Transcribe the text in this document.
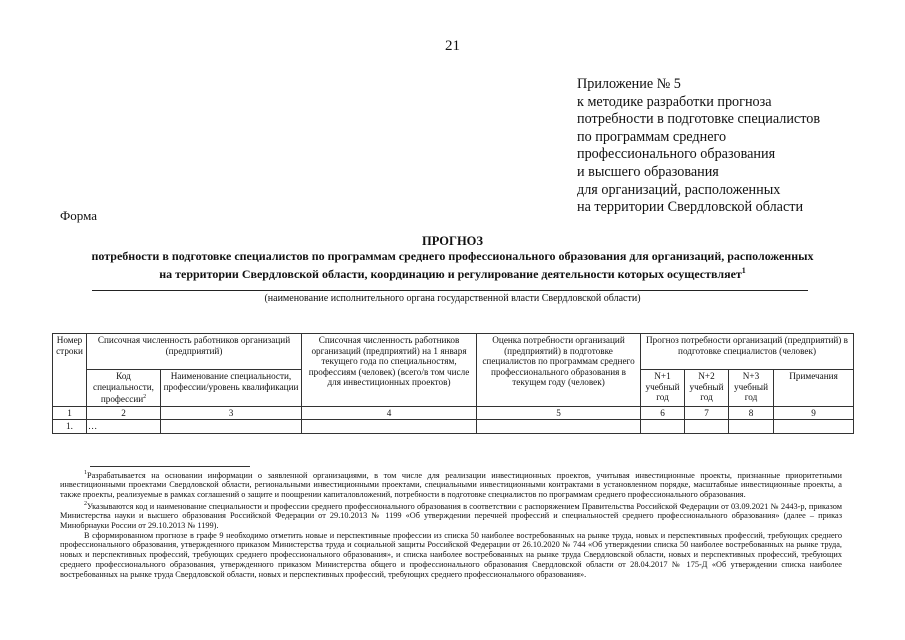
21
Приложение № 5
к методике разработки прогноза
потребности в подготовке специалистов
по программам среднего
профессионального образования
и высшего образования
для организаций, расположенных
на территории Свердловской области
Форма
ПРОГНОЗ
потребности в подготовке специалистов по программам среднего профессионального образования для организаций, расположенных
на территории Свердловской области, координацию и регулирование деятельности которых осуществляет$^1$
(наименование исполнительного органа государственной власти Свердловской области)
Номер строки	Списочная численность работников организаций (предприятий)		Списочная численность работников организаций (предприятий) на 1 января текущего года по специальностям, профессиям (человек) (всего/в том числе для инвестиционных проектов)	Оценка потребности организаций (предприятий) в подготовке специалистов по программам среднего профессионального образования в текущем году (человек)	Прогноз потребности организаций (предприятий) в подготовке специалистов (человек)			
	Код специальности, профессии$^2$	Наименование специальности, профессии/уровень квалификации			N+1 учебный год	N+2 учебный год	N+3 учебный год	Примечания
1	2	3	4	5	6	7	8	9
1.	…							

$^1$Разрабатывается на основании информации о заявленной организациями, в том числе для реализации инвестиционных проектов, учитывая инвестиционные проекты, признанные приоритетными инвестиционными проектами Свердловской области, региональными инвестиционными проектами, специальными инвестиционными контрактами в установленном порядке, масштабные инвестиционные проекты, а также проекты, реализуемые в рамках соглашений о защите и поощрении капиталовложений, потребности в подготовке специалистов по программам среднего профессионального образования.

$^2$Указываются код и наименование специальности и профессии среднего профессионального образования в соответствии с распоряжением Правительства Российской Федерации от 03.09.2021 № 2443-р, приказом Министерства науки и высшего образования Российской Федерации от 29.10.2013 № 1199 «Об утверждении перечней профессий и специальностей среднего профессионального образования» (далее – приказ Минобрнауки России от 29.10.2013 № 1199).

В сформированном прогнозе в графе 9 необходимо отметить новые и перспективные профессии из списка 50 наиболее востребованных на рынке труда, новых и перспективных профессий, требующих среднего профессионального образования, утвержденного приказом Министерства труда и социальной защиты Российской Федерации от 26.10.2020 № 744 «Об утверждении списка 50 наиболее востребованных на рынке труда, новых и перспективных профессий, требующих среднего профессионального образования», и списка наиболее востребованных на рынке труда Свердловской области, новых и перспективных профессий, требующих среднего профессионального образования, утвержденного приказом Министерства общего и профессионального образования Свердловской области от 28.04.2017 № 175-Д «Об утверждении списка наиболее востребованных на рынке труда Свердловской области, новых и перспективных профессий, требующих среднего профессионального образования».
